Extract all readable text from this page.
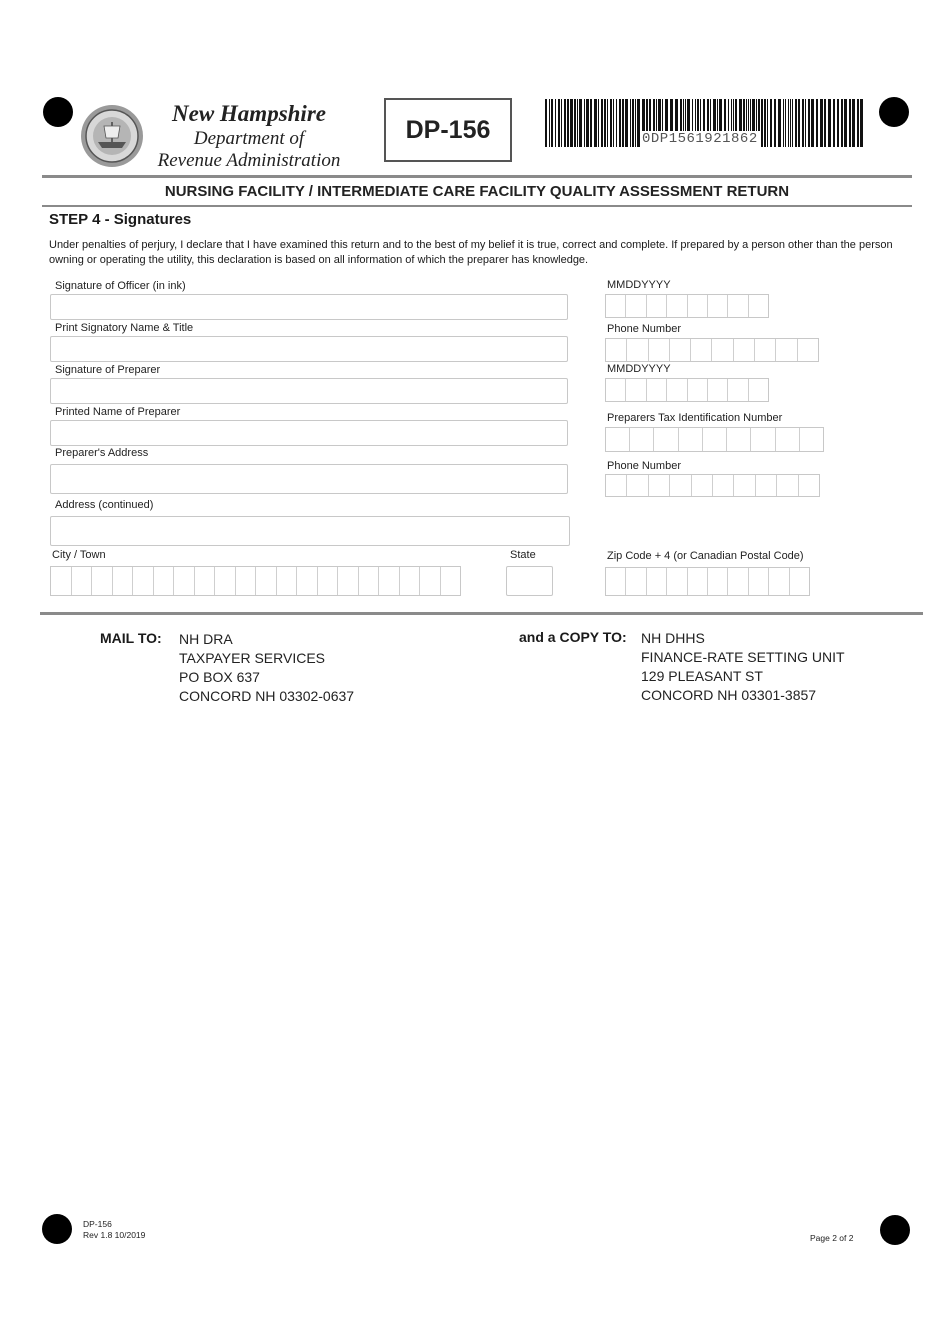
New Hampshire
Department of
Revenue Administration
DP-156	0DP1561921862
NURSING FACILITY / INTERMEDIATE CARE FACILITY QUALITY ASSESSMENT RETURN
STEP 4 - Signatures
Under penalties of perjury, I declare that I have examined this return and to the best of my belief it is true, correct and complete. If prepared by a person other than the person owning or operating the utility, this declaration is based on all information of which the preparer has knowledge.
Signature of Officer (in ink)
Print Signatory Name & Title
Signature of Preparer
Printed Name of Preparer
Preparer's Address
Address (continued)
City / Town	State
MMDDYYYY
Phone Number
MMDDYYYY
Preparers Tax Identification Number
Phone Number
Zip Code + 4 (or Canadian Postal Code)
MAIL TO: NH DRA
TAXPAYER SERVICES
PO BOX 637
CONCORD NH 03302-0637
and a COPY TO: NH DHHS
FINANCE-RATE SETTING UNIT
129 PLEASANT ST
CONCORD NH 03301-3857
DP-156
Rev 1.8 10/2019	Page 2 of 2
